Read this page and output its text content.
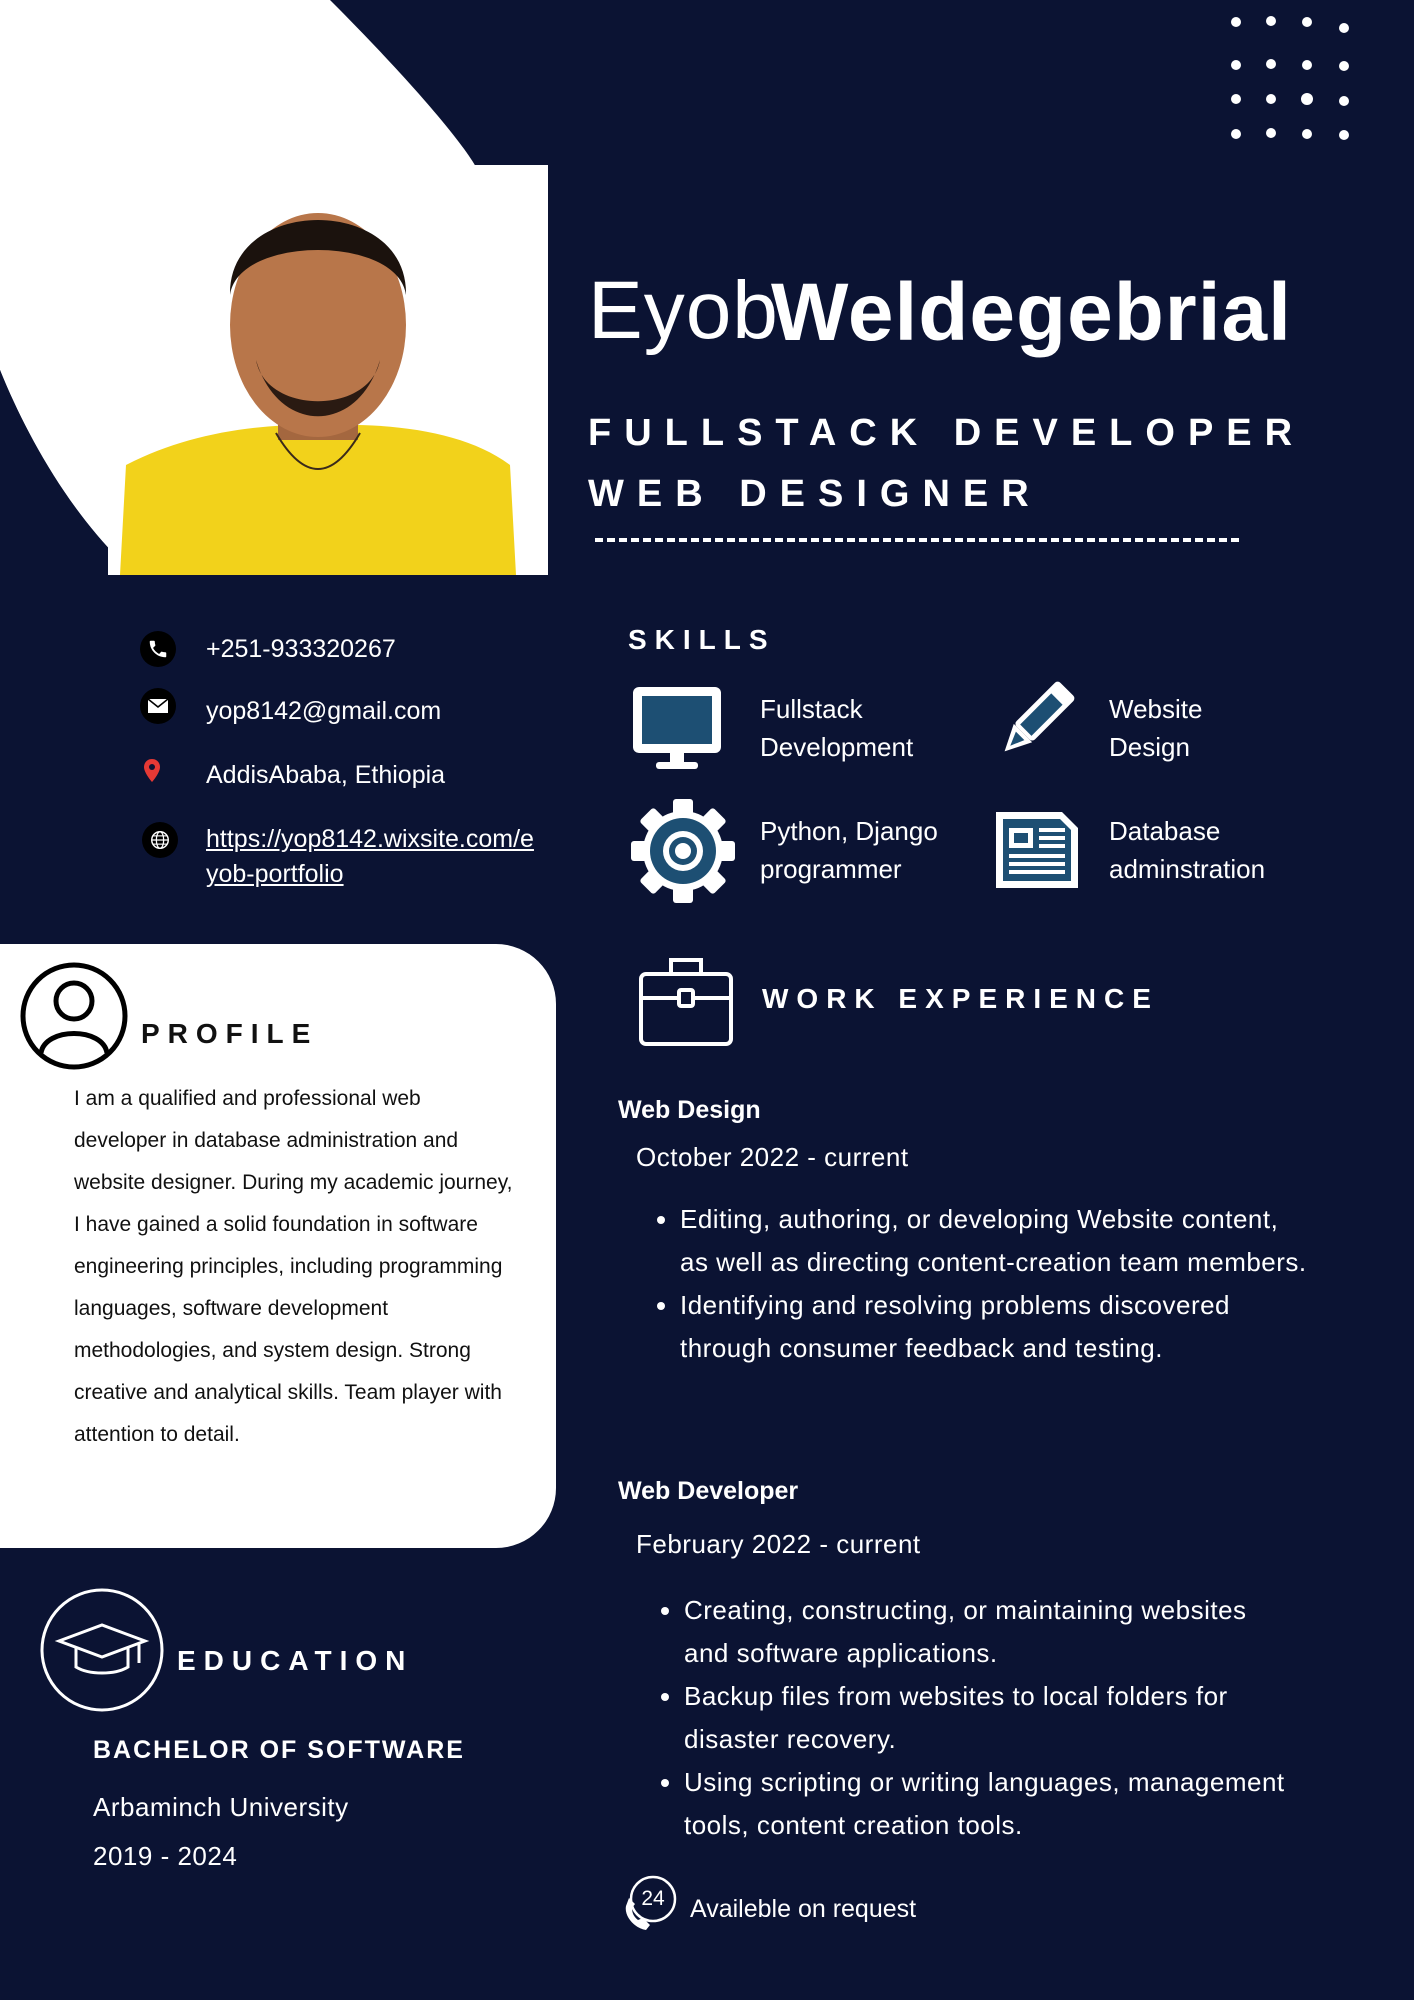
Eyob
Weldegebrial
FULLSTACK DEVELOPER
WEB DESIGNER
+251-933320267
yop8142@gmail.com
AddisAbaba, Ethiopia
https://yop8142.wixsite.com/e
yob-portfolio
SKILLS
Fullstack
Development
Website
Design
Python, Django
programmer
Database
adminstration
WORK EXPERIENCE
Web Design
October 2022 - current
• Editing, authoring, or developing Website content, as well as directing content-creation team members.
• Identifying and resolving problems discovered through consumer feedback and testing.
Web Developer
February 2022 - current
• Creating, constructing, or maintaining websites and software applications.
• Backup files from websites to local folders for disaster recovery.
• Using scripting or writing languages, management tools, content creation tools.
PROFILE
I am a qualified and professional web developer in database administration and website designer. During my academic journey, I have gained a solid foundation in software engineering principles, including programming languages, software development methodologies, and system design. Strong creative and analytical skills. Team player with attention to detail.
EDUCATION
BACHELOR OF SOFTWARE
Arbaminch University
2019 - 2024
24 Availeble on request
